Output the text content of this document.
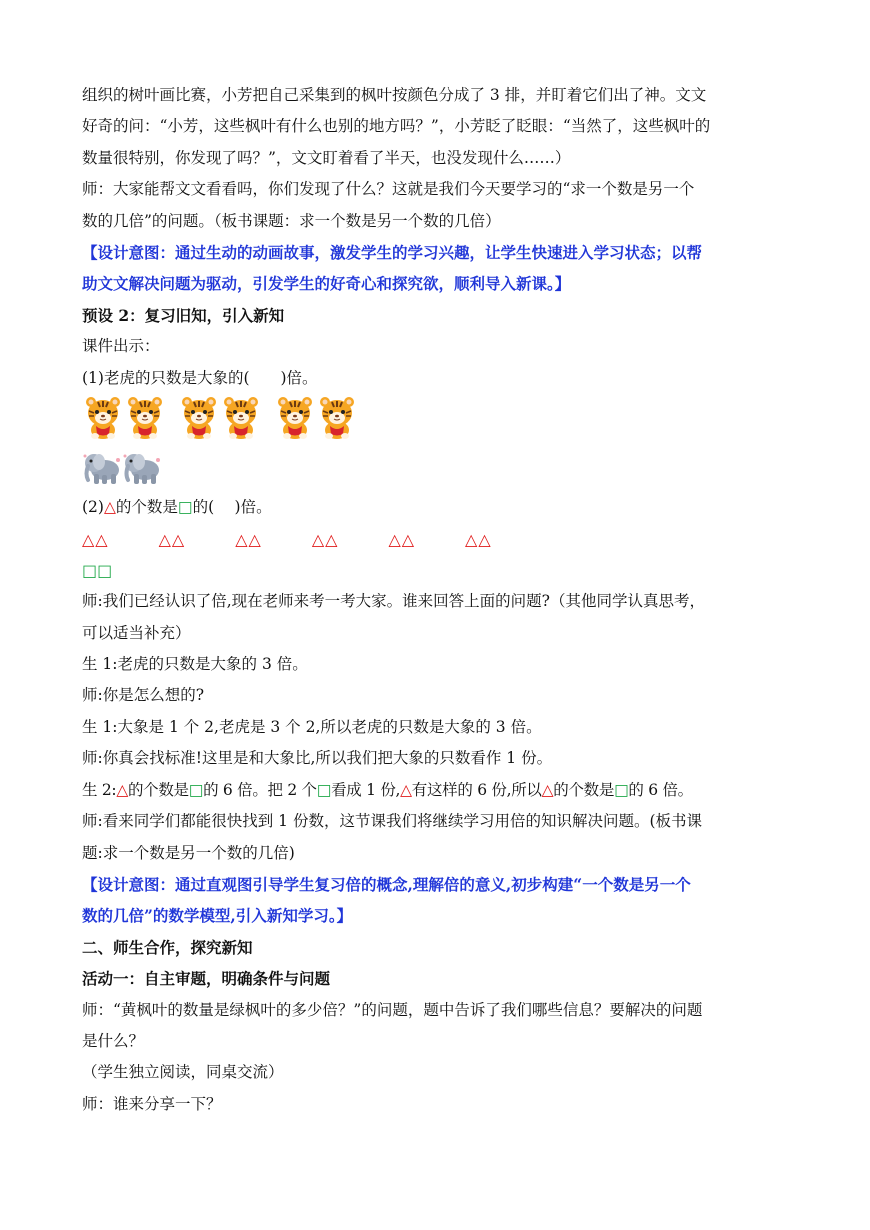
组织的树叶画比赛，小芳把自己采集到的枫叶按颜色分成了 3 排，并盯着它们出了神。文文

好奇的问：“小芳，这些枫叶有什么也别的地方吗？”，小芳眨了眨眼：“当然了，这些枫叶的

数量很特别，你发现了吗？”，文文盯着看了半天，也没发现什么……）

师：大家能帮文文看看吗，你们发现了什么？这就是我们今天要学习的“求一个数是另一个

数的几倍”的问题。（板书课题：求一个数是另一个数的几倍）

【设计意图：通过生动的动画故事，激发学生的学习兴趣，让学生快速进入学习状态；以帮

助文文解决问题为驱动，引发学生的好奇心和探究欲，顺利导入新课。】

预设 2：复习旧知，引入新知

课件出示：

(1)老虎的只数是大象的(　　)倍。

(2)△的个数是□的(　 )倍。

△△	△△	△△	△△	△△	△△
□□

师:我们已经认识了倍,现在老师来考一考大家。谁来回答上面的问题?（其他同学认真思考，

可以适当补充）

生 1:老虎的只数是大象的 3 倍。

师:你是怎么想的?

生 1:大象是 1 个 2,老虎是 3 个 2,所以老虎的只数是大象的 3 倍。

师:你真会找标准!这里是和大象比,所以我们把大象的只数看作 1 份。

生 2:△的个数是□的 6 倍。把 2 个□看成 1 份,△有这样的 6 份,所以△的个数是□的 6 倍。

师:看来同学们都能很快找到 1 份数，这节课我们将继续学习用倍的知识解决问题。(板书课

题:求一个数是另一个数的几倍)

【设计意图：通过直观图引导学生复习倍的概念,理解倍的意义,初步构建“一个数是另一个

数的几倍”的数学模型,引入新知学习。】

二、师生合作，探究新知

活动一：自主审题，明确条件与问题

师：“黄枫叶的数量是绿枫叶的多少倍？”的问题，题中告诉了我们哪些信息？要解决的问题

是什么？

（学生独立阅读，同桌交流）

师：谁来分享一下？
